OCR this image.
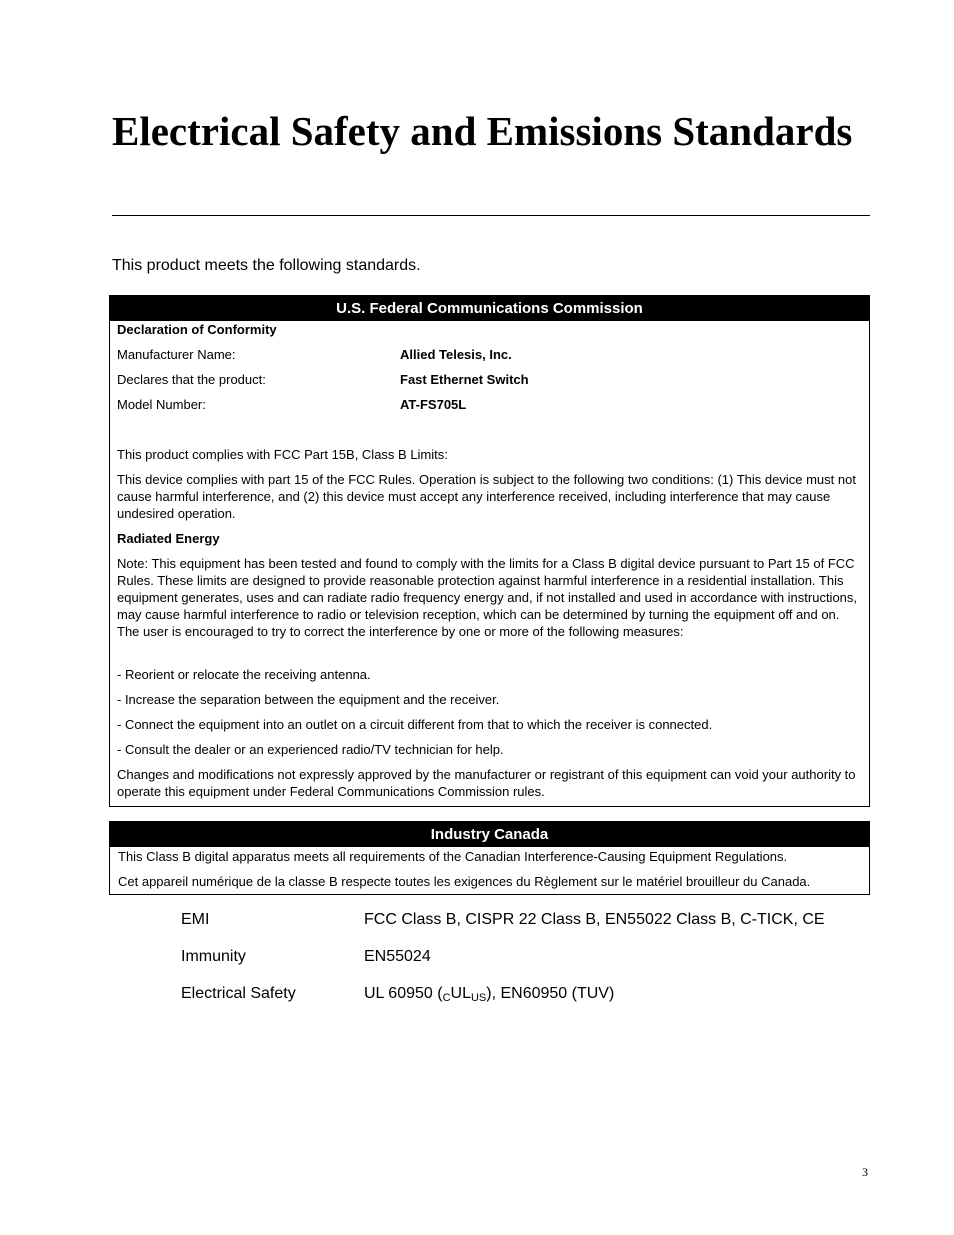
Electrical Safety and Emissions Standards
This product meets the following standards.
U.S. Federal Communications Commission
Declaration of Conformity
Manufacturer Name:	Allied Telesis, Inc.
Declares that the product:	Fast Ethernet Switch
Model Number:	AT-FS705L
This product complies with FCC Part 15B, Class B Limits:
This device complies with part 15 of the FCC Rules. Operation is subject to the following two conditions: (1) This device must not cause harmful interference, and (2) this device must accept any interference received, including interference that may cause undesired operation.
Radiated Energy
Note: This equipment has been tested and found to comply with the limits for a Class B digital device pursuant to Part 15 of FCC Rules. These limits are designed to provide reasonable protection against harmful interference in a residential installation. This equipment generates, uses and can radiate radio frequency energy and, if not installed and used in accordance with instructions, may cause harmful interference to radio or television reception, which can be determined by turning the equipment off and on. The user is encouraged to try to correct the interference by one or more of the following measures:
- Reorient or relocate the receiving antenna.
- Increase the separation between the equipment and the receiver.
- Connect the equipment into an outlet on a circuit different from that to which the receiver is connected.
- Consult the dealer or an experienced radio/TV technician for help.
Changes and modifications not expressly approved by the manufacturer or registrant of this equipment can void your authority to operate this equipment under Federal Communications Commission rules.
Industry Canada
This Class B digital apparatus meets all requirements of the Canadian Interference-Causing Equipment Regulations.
Cet appareil numérique de la classe B respecte toutes les exigences du Règlement sur le matériel brouilleur du Canada.
EMI	FCC Class B, CISPR 22 Class B, EN55022 Class B, C-TICK, CE
Immunity	EN55024
Electrical Safety	UL 60950 $(_CUL_{US})$, EN60950 (TUV)
3
